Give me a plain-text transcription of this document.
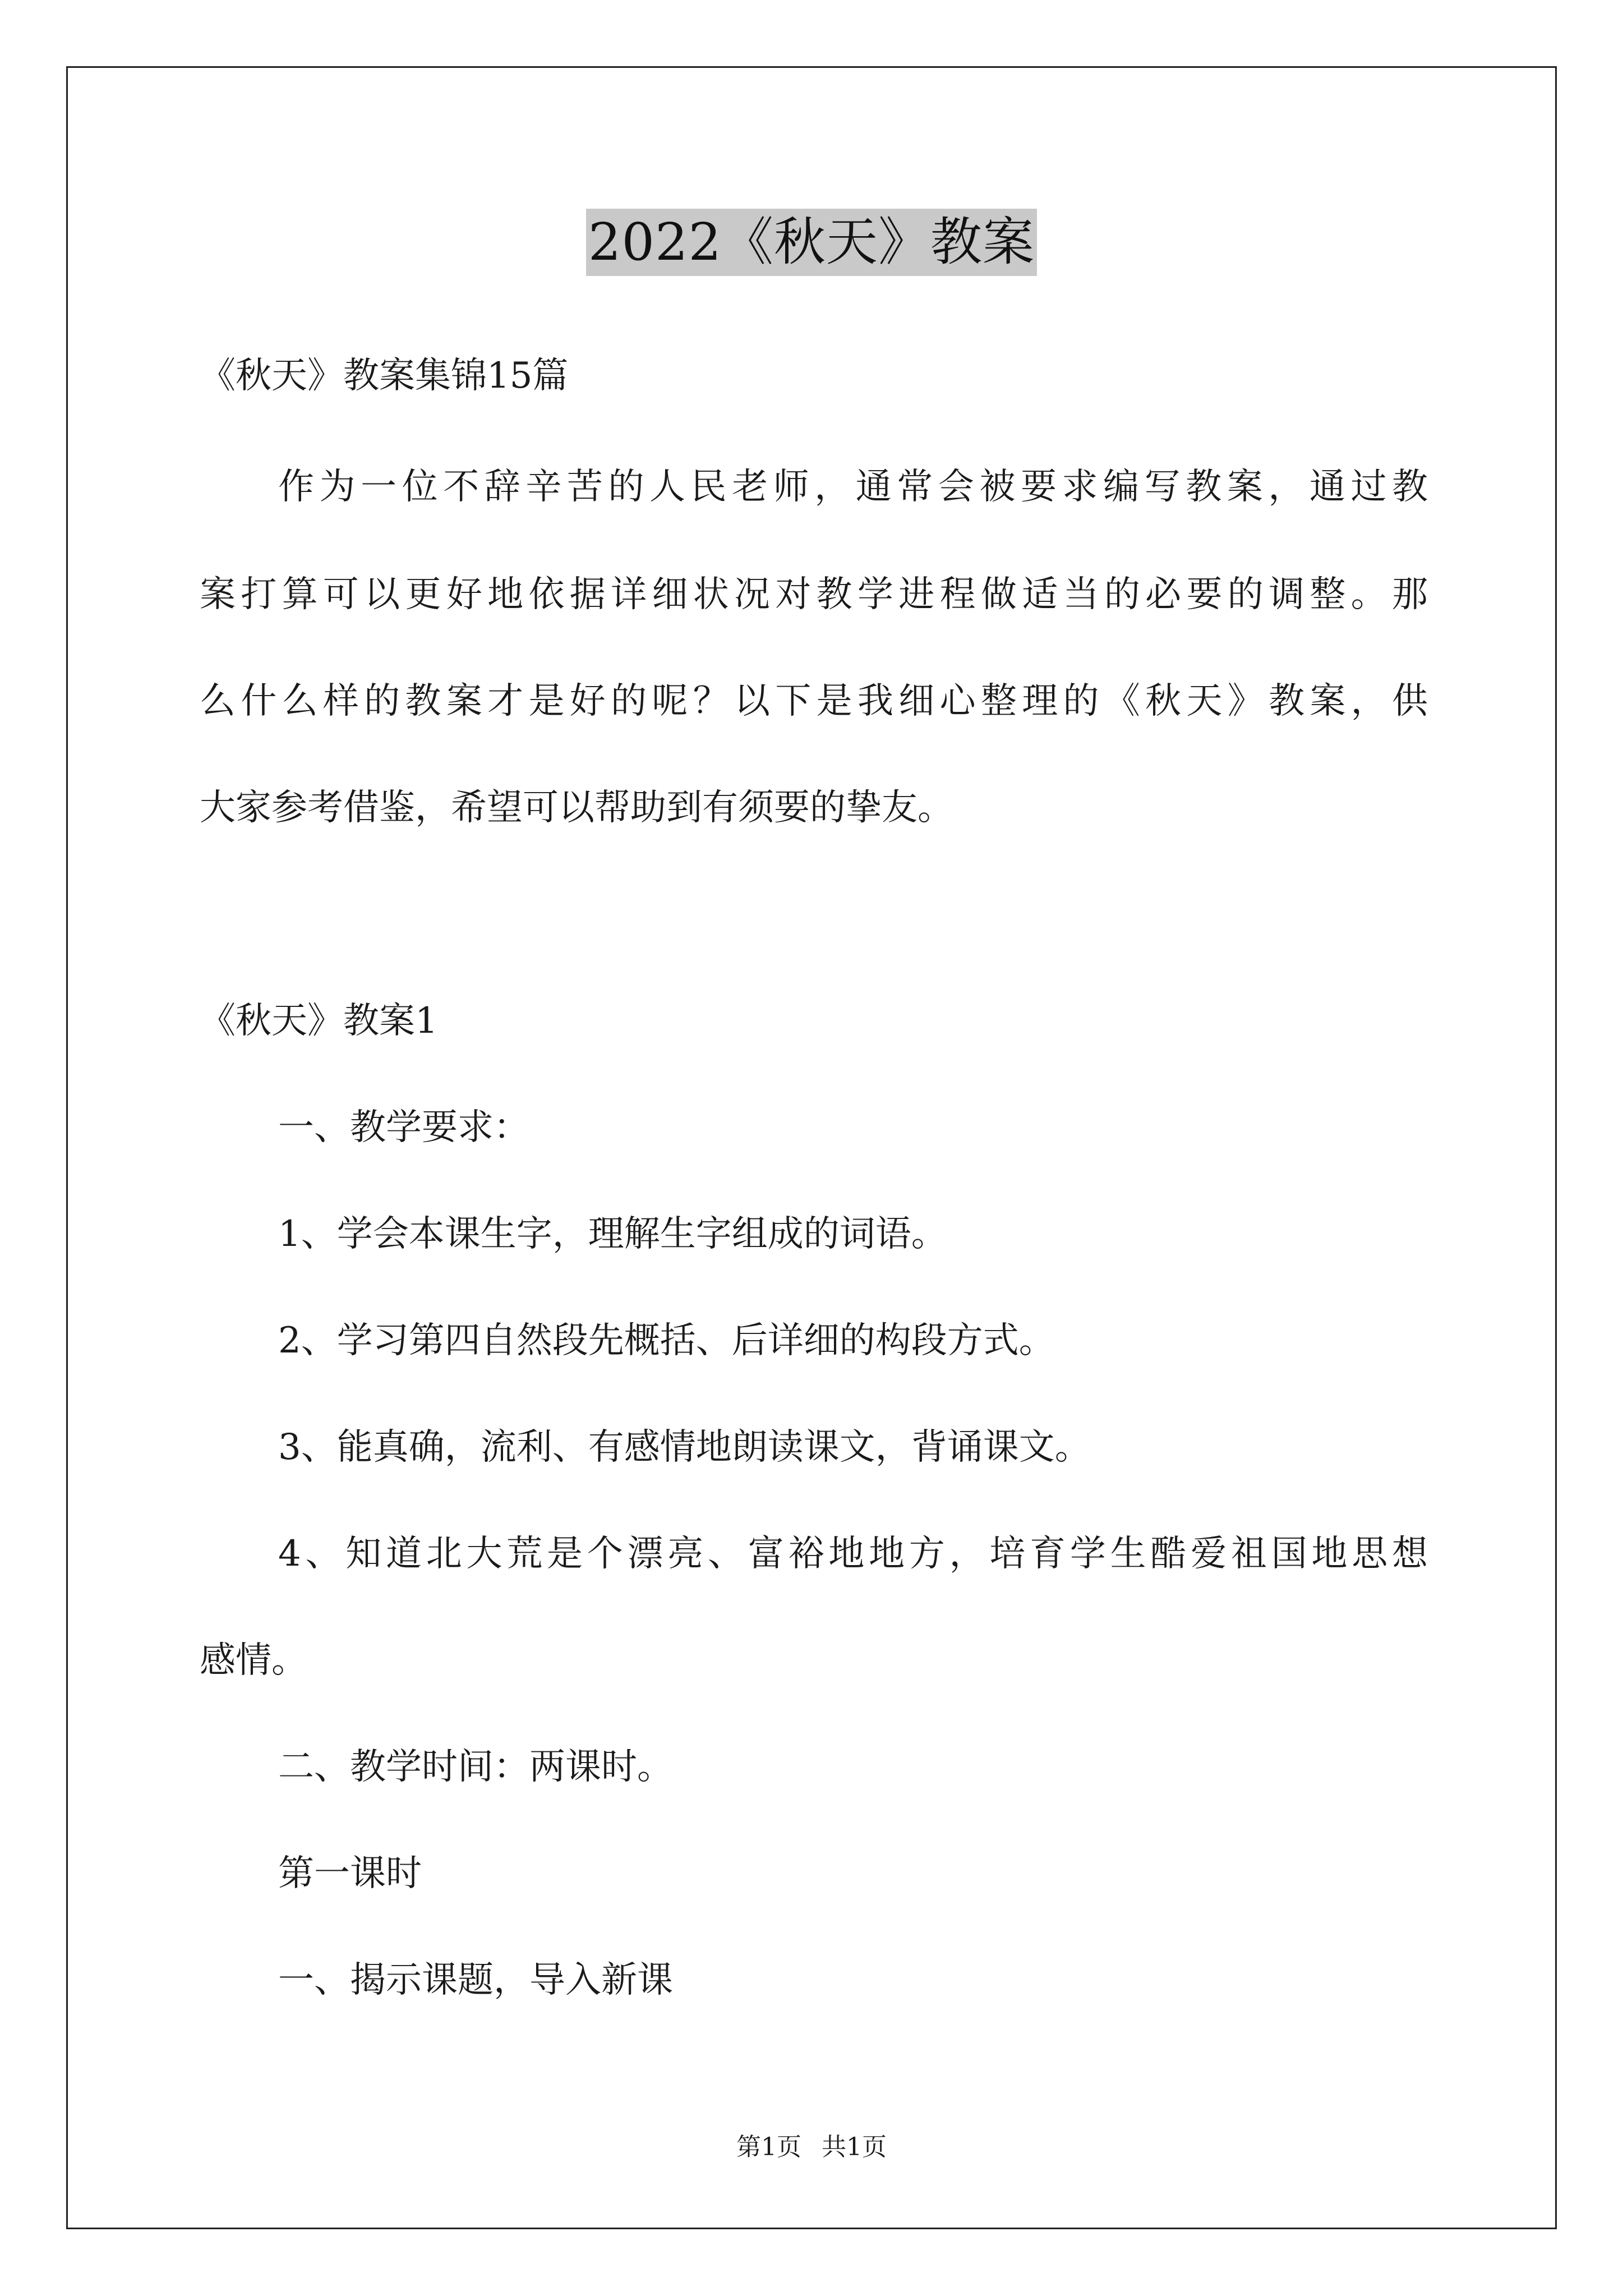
2022《秋天》教案
《秋天》教案集锦15篇
作为一位不辞辛苦的人民老师，通常会被要求编写教案，通过教
案打算可以更好地依据详细状况对教学进程做适当的必要的调整。那
么什么样的教案才是好的呢？以下是我细心整理的《秋天》教案，供
大家参考借鉴，希望可以帮助到有须要的挚友。
《秋天》教案1
一、教学要求：
1、学会本课生字，理解生字组成的词语。
2、学习第四自然段先概括、后详细的构段方式。
3、能真确，流利、有感情地朗读课文，背诵课文。
4、知道北大荒是个漂亮、富裕地地方，培育学生酷爱祖国地思想
感情。
二、教学时间：两课时。
第一课时
一、揭示课题，导入新课
第1页 共1页
